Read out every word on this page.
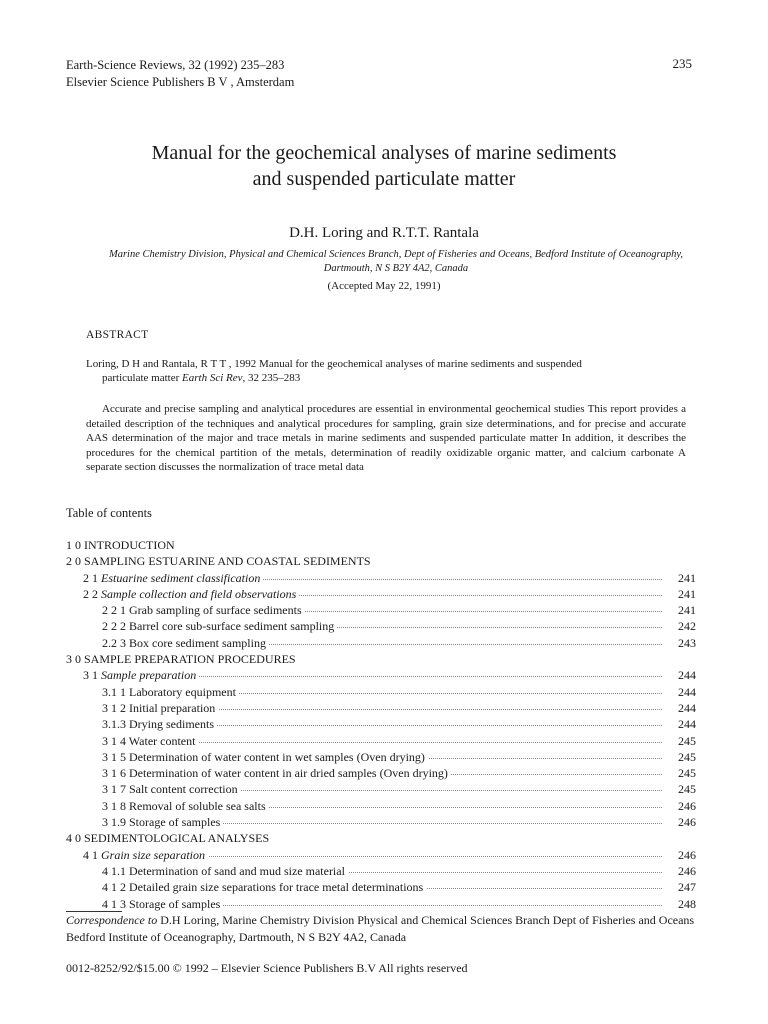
Earth-Science Reviews, 32 (1992) 235–283
Elsevier Science Publishers B V , Amsterdam
235
Manual for the geochemical analyses of marine sediments
and suspended particulate matter
D.H. Loring and R.T.T. Rantala
Marine Chemistry Division, Physical and Chemical Sciences Branch, Dept of Fisheries and Oceans, Bedford Institute of Oceanography, Dartmouth, N S B2Y 4A2, Canada
(Accepted May 22, 1991)
ABSTRACT
Loring, D H and Rantala, R T T , 1992 Manual for the geochemical analyses of marine sediments and suspended
particulate matter Earth Sci Rev, 32 235–283
Accurate and precise sampling and analytical procedures are essential in environmental geochemical studies This report provides a detailed description of the techniques and analytical procedures for sampling, grain size determinations, and for precise and accurate AAS determination of the major and trace metals in marine sediments and suspended particulate matter In addition, it describes the procedures for the chemical partition of the metals, determination of readily oxidizable organic matter, and calcium carbonate A separate section discusses the normalization of trace metal data
Table of contents
1 0 INTRODUCTION
2 0 SAMPLING ESTUARINE AND COASTAL SEDIMENTS
2 1 Estuarine sediment classification	241
2 2 Sample collection and field observations	241
2 2 1 Grab sampling of surface sediments	241
2 2 2 Barrel core sub-surface sediment sampling	242
2.2 3 Box core sediment sampling	243
3 0 SAMPLE PREPARATION PROCEDURES
3 1 Sample preparation	244
3.1 1 Laboratory equipment	244
3 1 2 Initial preparation	244
3.1.3 Drying sediments	244
3 1 4 Water content	245
3 1 5 Determination of water content in wet samples (Oven drying)	245
3 1 6 Determination of water content in air dried samples (Oven drying)	245
3 1 7 Salt content correction	245
3 1 8 Removal of soluble sea salts	246
3 1.9 Storage of samples	246
4 0 SEDIMENTOLOGICAL ANALYSES
4 1 Grain size separation	246
4 1.1 Determination of sand and mud size material	246
4 1 2 Detailed grain size separations for trace metal determinations	247
4 1 3 Storage of samples	248
Correspondence to D.H Loring, Marine Chemistry Division Physical and Chemical Sciences Branch Dept of Fisheries and Oceans Bedford Institute of Oceanography, Dartmouth, N S B2Y 4A2, Canada
0012-8252/92/$15.00 © 1992 – Elsevier Science Publishers B.V All rights reserved
